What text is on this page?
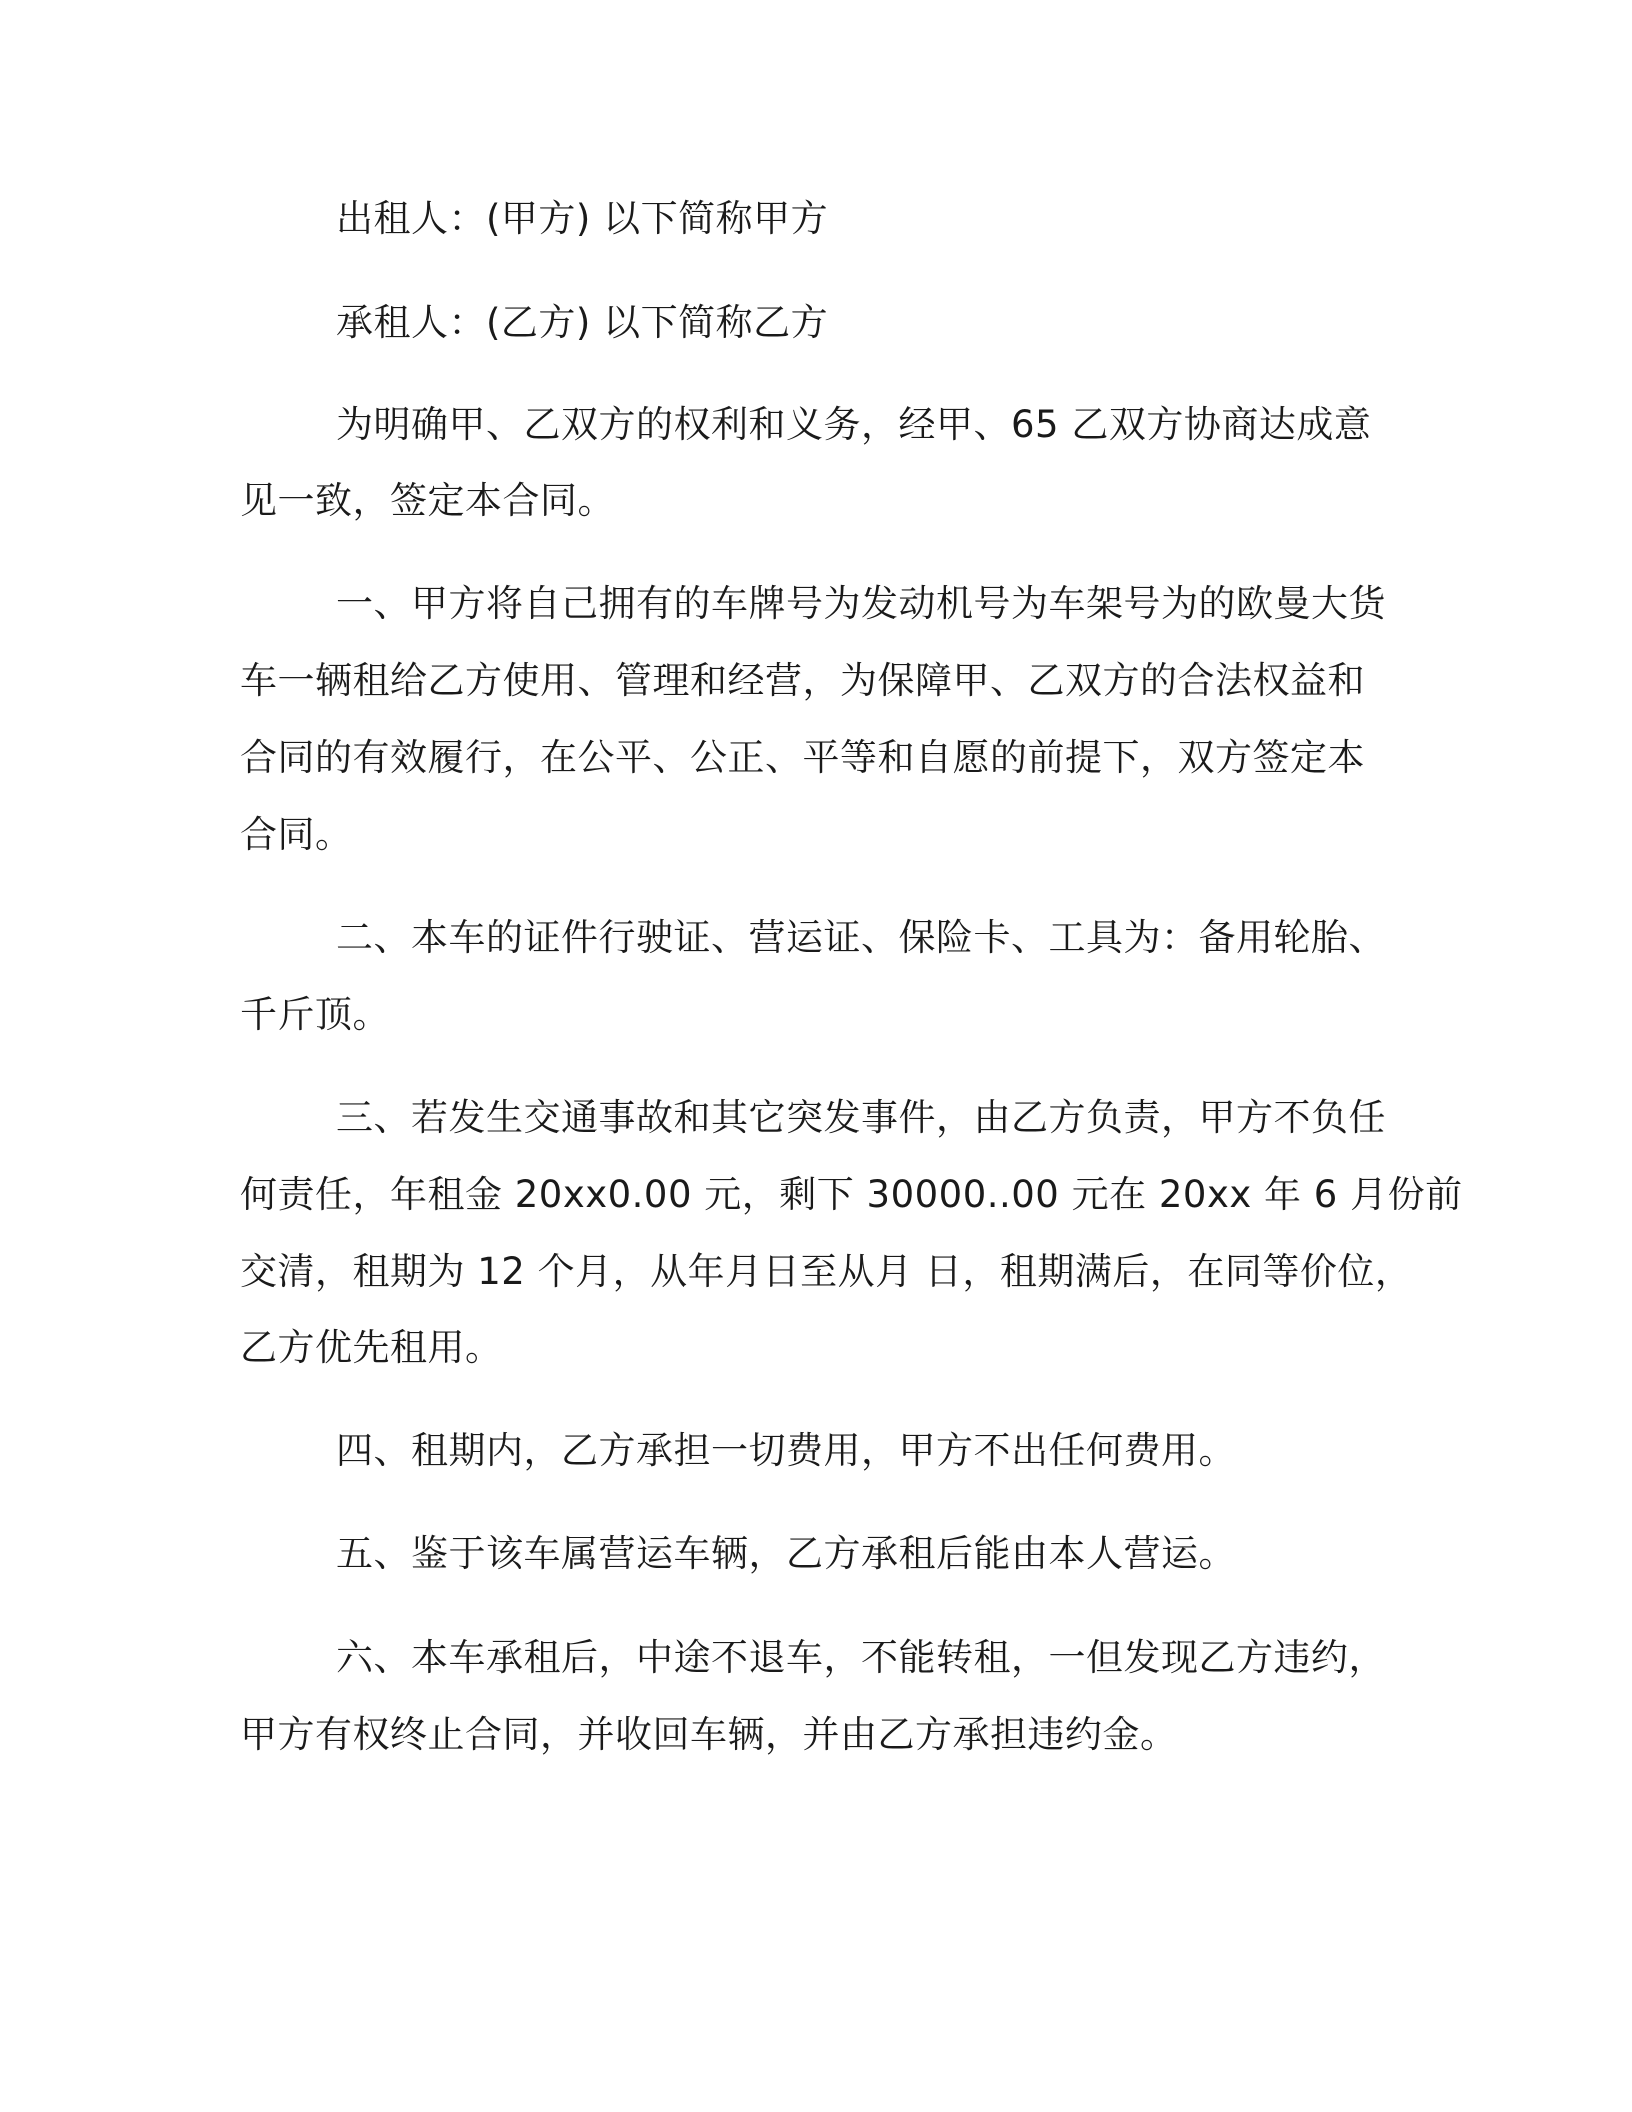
出租人：(甲方) 以下简称甲方
承租人：(乙方) 以下简称乙方
为明确甲、乙双方的权利和义务，经甲、65 乙双方协商达成意
见一致，签定本合同。
一、甲方将自己拥有的车牌号为发动机号为车架号为的欧曼大货
车一辆租给乙方使用、管理和经营，为保障甲、乙双方的合法权益和
合同的有效履行，在公平、公正、平等和自愿的前提下，双方签定本
合同。
二、本车的证件行驶证、营运证、保险卡、工具为：备用轮胎、
千斤顶。
三、若发生交通事故和其它突发事件，由乙方负责，甲方不负任
何责任，年租金 20xx0.00 元，剩下 30000..00 元在 20xx 年 6 月份前
交清，租期为 12 个月，从年月日至从月 日，租期满后，在同等价位，
乙方优先租用。
四、租期内，乙方承担一切费用，甲方不出任何费用。
五、鉴于该车属营运车辆，乙方承租后能由本人营运。
六、本车承租后，中途不退车，不能转租，一但发现乙方违约，
甲方有权终止合同，并收回车辆，并由乙方承担违约金。
